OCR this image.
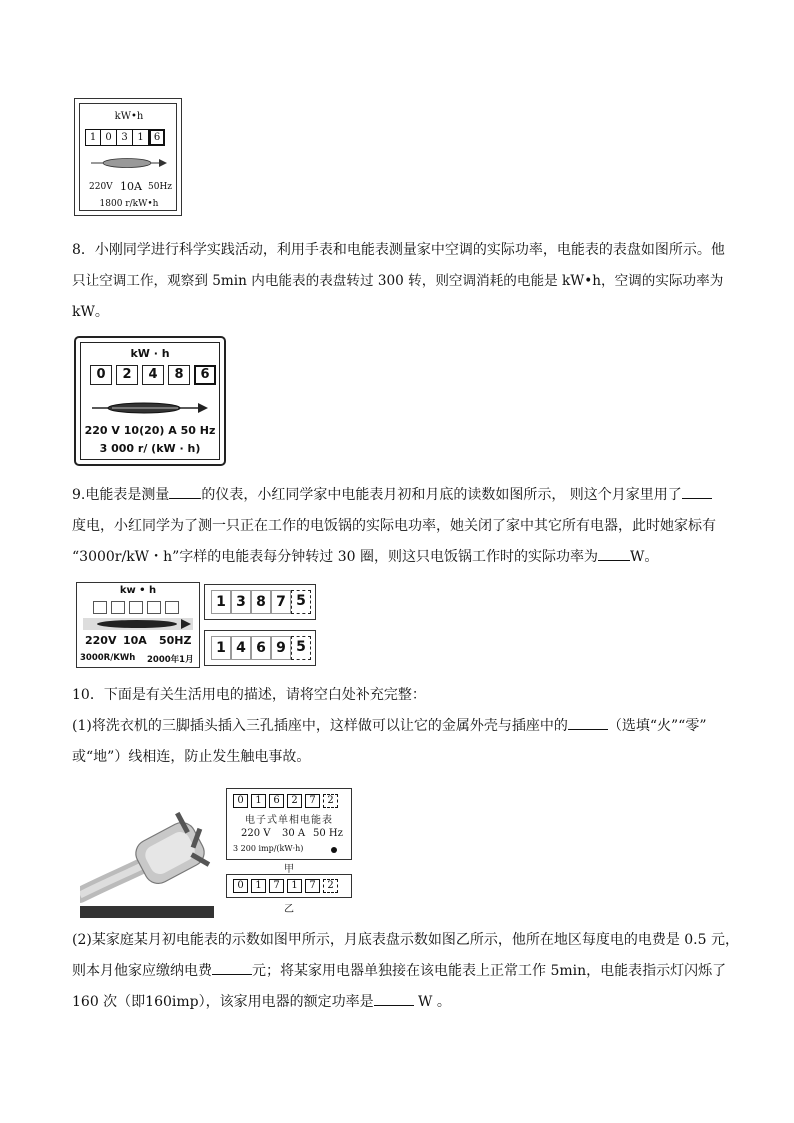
kW•h
1 0 3 1	6
220V 10A 50Hz
1800 r/kW•h
8．小刚同学进行科学实践活动，利用手表和电能表测量家中空调的实际功率，电能表的表盘如图所示。他
只让空调工作，观察到 5min 内电能表的表盘转过 300 转，则空调消耗的电能是 kW•h，空调的实际功率为
kW。
kW · h
0	2	4	8	6
220 V 10(20) A 50 Hz
3 000 r/ (kW · h)
9.电能表是测量 的仪表，小红同学家中电能表月初和月底的读数如图所示， 则这个月家里用了
度电，小红同学为了测一只正在工作的电饭锅的实际电功率，她关闭了家中其它所有电器，此时她家标有
“3000r/kW・h”字样的电能表每分钟转过 30 圈，则这只电饭锅工作时的实际功率为 W。
kw • h
220V 10A 50HZ
3000R/KWh 2000年1月
1 3 8 7 5
1 4 6 9 5
10．下面是有关生活用电的描述，请将空白处补充完整：
(1)将洗衣机的三脚插头插入三孔插座中，这样做可以让它的金属外壳与插座中的	（选填“火”“零”
或“地”）线相连，防止发生触电事故。
0	1	6	2	7	2
电子式单相电能表
220 V 30 A 50 Hz
3 200 imp/(kW·h)
甲
0	1	7	1	7	2
乙
(2)某家庭某月初电能表的示数如图甲所示，月底表盘示数如图乙所示，他所在地区每度电的电费是 0.5 元，
则本月他家应缴纳电费	元；将某家用电器单独接在该电能表上正常工作 5min，电能表指示灯闪烁了
160 次（即160imp），该家用电器的额定功率是	W 。
